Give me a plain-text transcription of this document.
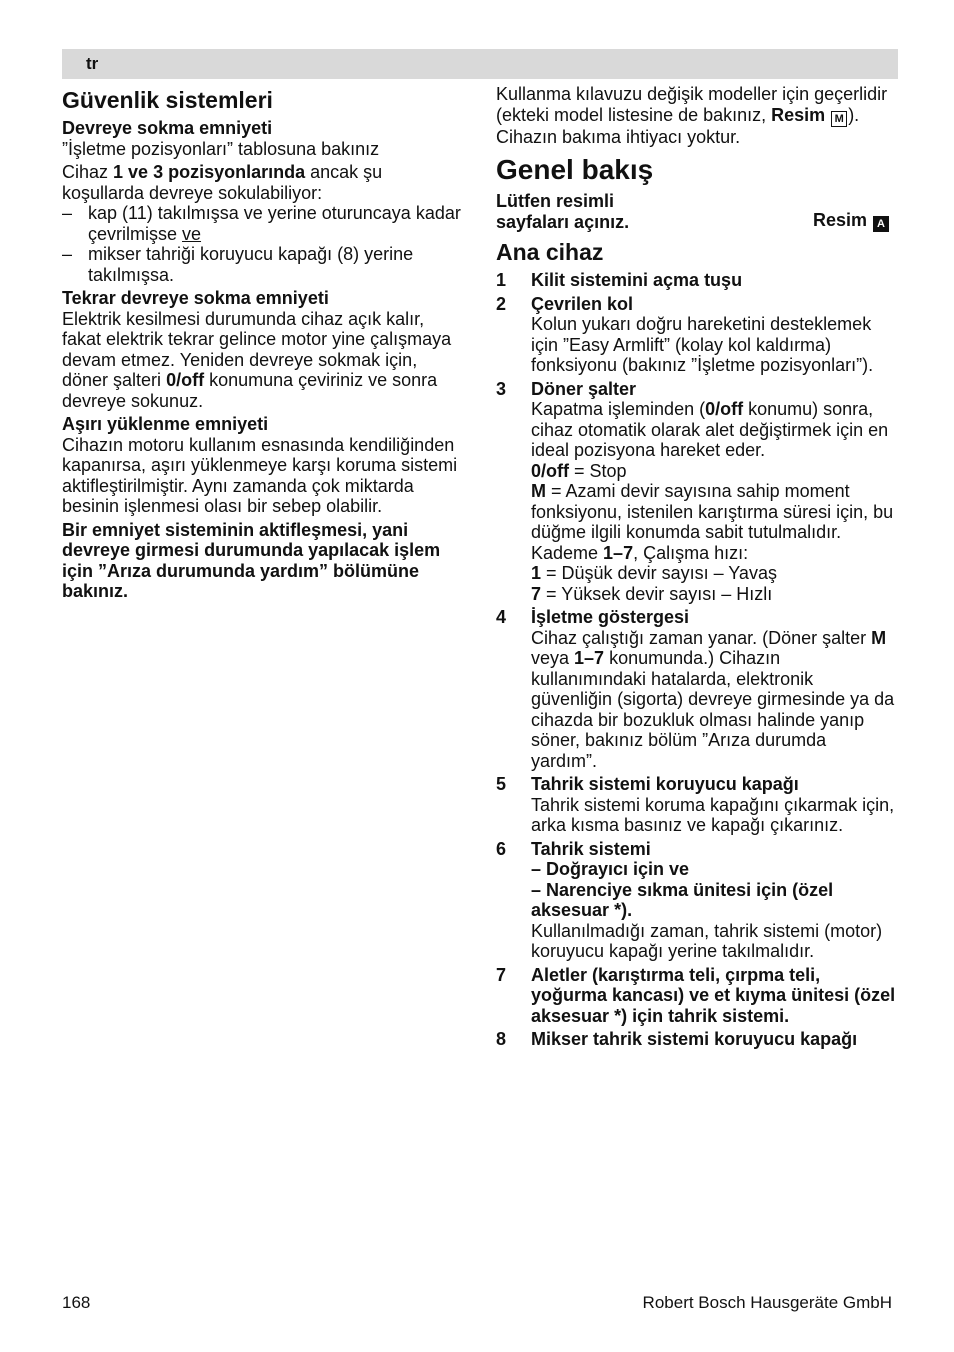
tr

Güvenlik sistemleri

Devreye sokma emniyeti

”İşletme pozisyonları” tablosuna bakınız

Cihaz 1 ve 3 pozisyonlarında ancak şu koşullarda devreye sokulabiliyor:

– kap (11) takılmışsa ve yerine oturuncaya kadar çevrilmişse ve

– mikser tahriği koruyucu kapağı (8) yerine takılmışsa.

Tekrar devreye sokma emniyeti

Elektrik kesilmesi durumunda cihaz açık kalır, fakat elektrik tekrar gelince motor yine çalışmaya devam etmez. Yeniden devreye sokmak için, döner şalteri 0/off konumuna çeviriniz ve sonra devreye sokunuz.

Aşırı yüklenme emniyeti

Cihazın motoru kullanım esnasında kendiliğinden kapanırsa, aşırı yüklenmeye karşı koruma sistemi aktifleştirilmiştir. Aynı zamanda çok miktarda besinin işlenmesi olası bir sebep olabilir.

Bir emniyet sisteminin aktifleşmesi, yani devreye girmesi durumunda yapılacak işlem için ”Arıza durumunda yardım” bölümüne bakınız.

Kullanma kılavuzu değişik modeller için geçerlidir (ekteki model listesine de bakınız, Resim M ). Cihazın bakıma ihtiyacı yoktur.

Genel bakış

Lütfen resimli

sayfaları açınız.	Resim A

Ana cihaz

1 Kilit sistemini açma tuşu

2 Çevrilen kol

Kolun yukarı doğru hareketini desteklemek için ”Easy Armlift” (kolay kol kaldırma) fonksiyonu (bakınız ”İşletme pozisyonları”).

3 Döner şalter

Kapatma işleminden (0/off konumu) sonra, cihaz otomatik olarak alet değiştirmek için en ideal pozisyona hareket eder.

0/off = Stop

M = Azami devir sayısına sahip moment fonksiyonu, istenilen karıştırma süresi için, bu düğme ilgili konumda sabit tutulmalıdır.

Kademe 1–7, Çalışma hızı:

1 = Düşük devir sayısı – Yavaş

7 = Yüksek devir sayısı – Hızlı

4 İşletme göstergesi

Cihaz çalıştığı zaman yanar. (Döner şalter M veya 1–7 konumunda.) Cihazın kullanımındaki hatalarda, elektronik güvenliğin (sigorta) devreye girmesinde ya da cihazda bir bozukluk olması halinde yanıp söner, bakınız bölüm ”Arıza durumda yardım”.

5 Tahrik sistemi koruyucu kapağı

Tahrik sistemi koruma kapağını çıkarmak için, arka kısma basınız ve kapağı çıkarınız.

6 Tahrik sistemi

– Doğrayıcı için ve

– Narenciye sıkma ünitesi için (özel aksesuar *).

Kullanılmadığı zaman, tahrik sistemi (motor) koruyucu kapağı yerine takılmalıdır.

7 Aletler (karıştırma teli, çırpma teli, yoğurma kancası) ve et kıyma ünitesi (özel aksesuar *) için tahrik sistemi.

8 Mikser tahrik sistemi koruyucu kapağı

168	Robert Bosch Hausgeräte GmbH
